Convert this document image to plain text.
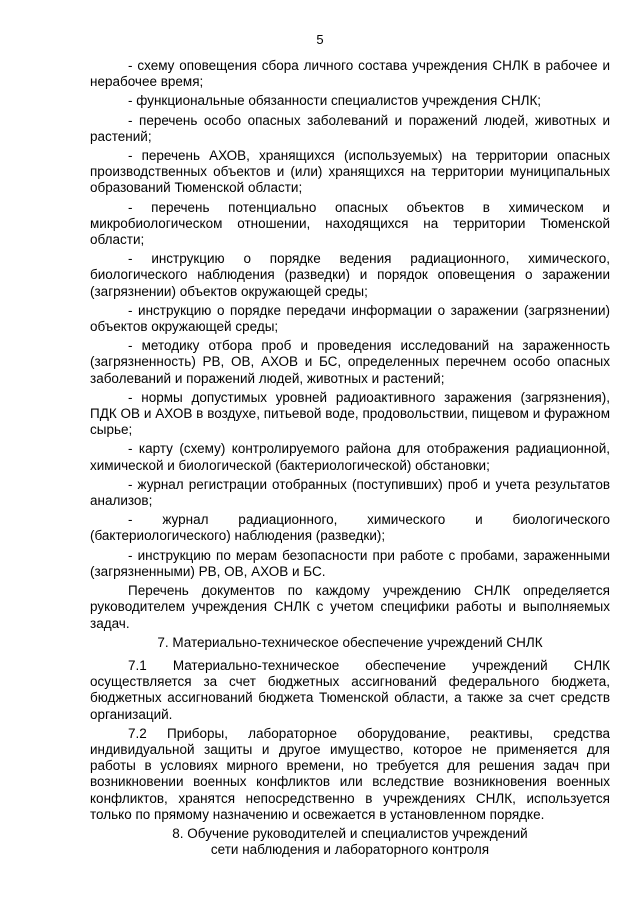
5

- схему оповещения сбора личного состава учреждения СНЛК в рабочее и нерабочее время;

- функциональные обязанности специалистов учреждения СНЛК;

- перечень особо опасных заболеваний и поражений людей, животных и растений;

- перечень АХОВ, хранящихся (используемых) на территории опасных производственных объектов и (или) хранящихся на территории муниципальных образований Тюменской области;

- перечень потенциально опасных объектов в химическом и микробиологическом отношении, находящихся на территории Тюменской области;

- инструкцию о порядке ведения радиационного, химического, биологического наблюдения (разведки) и порядок оповещения о заражении (загрязнении) объектов окружающей среды;

- инструкцию о порядке передачи информации о заражении (загрязнении) объектов окружающей среды;

- методику отбора проб и проведения исследований на зараженность (загрязненность) РВ, ОВ, АХОВ и БС, определенных перечнем особо опасных заболеваний и поражений людей, животных и растений;

- нормы допустимых уровней радиоактивного заражения (загрязнения), ПДК ОВ и АХОВ в воздухе, питьевой воде, продовольствии, пищевом и фуражном сырье;

- карту (схему) контролируемого района для отображения радиационной, химической и биологической (бактериологической) обстановки;

- журнал регистрации отобранных (поступивших) проб и учета результатов анализов;

- журнал радиационного, химического и биологического (бактериологического) наблюдения (разведки);

- инструкцию по мерам безопасности при работе с пробами, зараженными (загрязненными) РВ, ОВ, АХОВ и БС.

Перечень документов по каждому учреждению СНЛК определяется руководителем учреждения СНЛК с учетом специфики работы и выполняемых задач.

7. Материально-техническое обеспечение учреждений СНЛК

7.1 Материально-техническое обеспечение учреждений СНЛК осуществляется за счет бюджетных ассигнований федерального бюджета, бюджетных ассигнований бюджета Тюменской области, а также за счет средств организаций.

7.2 Приборы, лабораторное оборудование, реактивы, средства индивидуальной защиты и другое имущество, которое не применяется для работы в условиях мирного времени, но требуется для решения задач при возникновении военных конфликтов или вследствие возникновения военных конфликтов, хранятся непосредственно в учреждениях СНЛК, используется только по прямому назначению и освежается в установленном порядке.

8. Обучение руководителей и специалистов учреждений
сети наблюдения и лабораторного контроля
